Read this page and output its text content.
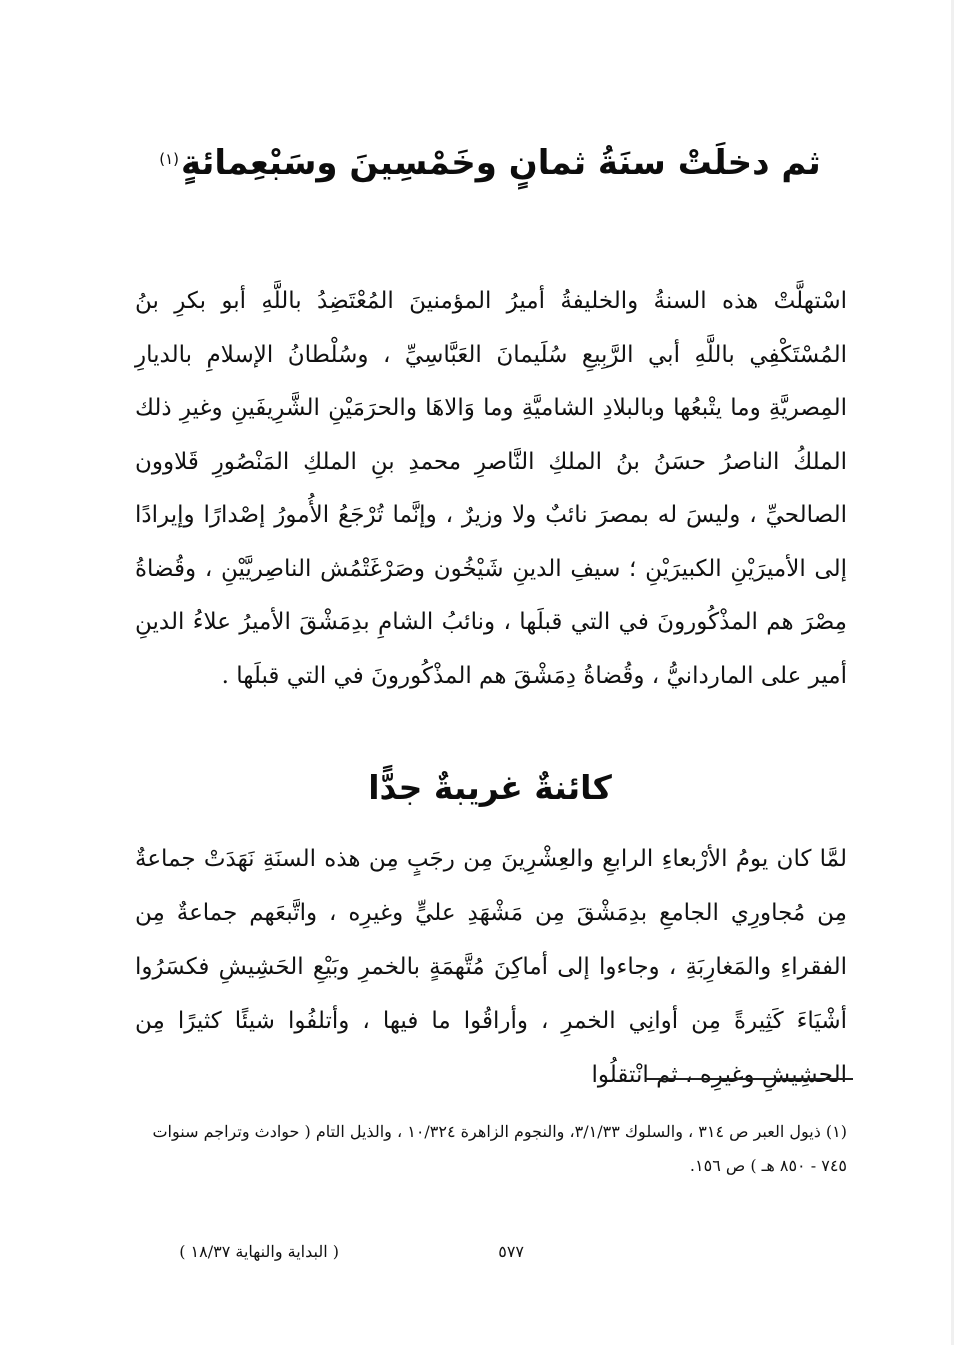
ثم دخلَتْ سنَةُ ثمانٍ وخَمْسِينَ وسَبْعِمائةٍ$^{(١)}$

اسْتهلَّتْ هذه السنةُ والخليفةُ أميرُ المؤمنينَ المُعْتَضِدُ باللَّهِ أبو بكرِ بنُ المُسْتَكْفِي باللَّهِ أبي الرَّبِيعِ سُلَيمانَ العَبَّاسِيِّ ، وسُلْطانُ الإسلامِ بالديارِ المِصريَّةِ وما يتْبعُها وبالبلادِ الشاميَّةِ وما وَالاهَا والحرَمَيْنِ الشَّرِيفَينِ وغيرِ ذلك الملكُ الناصرُ حسَنُ بنُ الملكِ النَّاصرِ محمدِ بنِ الملكِ المَنْصُورِ قَلاوون الصالحيِّ ، وليسَ له بمصرَ نائبٌ ولا وزيرٌ ، وإنَّما تُرْجَعُ الأُمورُ إصْدارًا وإيرادًا إلى الأميرَيْنِ الكبيرَيْنِ ؛ سيفِ الدينِ شَيْخُون وصَرْغَتْمُش الناصِريَّيْنِ ، وقُضاةُ مِصْرَ هم المذْكُورونَ في التي قبلَها ، ونائبُ الشامِ بدِمَشْقَ الأميرُ علاءُ الدينِ أمير على الماردانيُّ ، وقُضاةُ دِمَشْقَ هم المذْكُورونَ في التي قبلَها .

كائنةٌ غريبةٌ جدًّا

لمَّا كان يومُ الأرْبعاءِ الرابعِ والعِشْرِينَ مِن رجَبٍ مِن هذه السنَةِ نَهَدَتْ جماعةٌ مِن مُجاورِي الجامعِ بدِمَشْقَ مِن مَشْهَدِ عليٍّ وغيرِه ، واتَّبعَهم جماعةٌ مِن الفقراءِ والمَغارِبَةِ ، وجاءوا إلى أماكِنَ مُتَّهمَةٍ بالخمرِ وبَيْعِ الحَشِيشِ فكسَرُوا أشْيَاءَ كَثِيرةً مِن أوانِي الخمرِ ، وأراقُوا ما فيها ، وأتلفُوا شيئًا كثيرًا مِن الحشِيشِ وغيرِه ، ثم انْتقلُوا

(١) ذيول العبر ص ٣١٤ ، والسلوك ٣/١/٣٣، والنجوم الزاهرة ١٠/٣٢٤ ، والذيل التام ( حوادث وتراجم سنوات ٧٤٥ - ٨٥٠ هـ ) ص ١٥٦.

( البداية والنهاية ١٨/٣٧ )	٥٧٧
